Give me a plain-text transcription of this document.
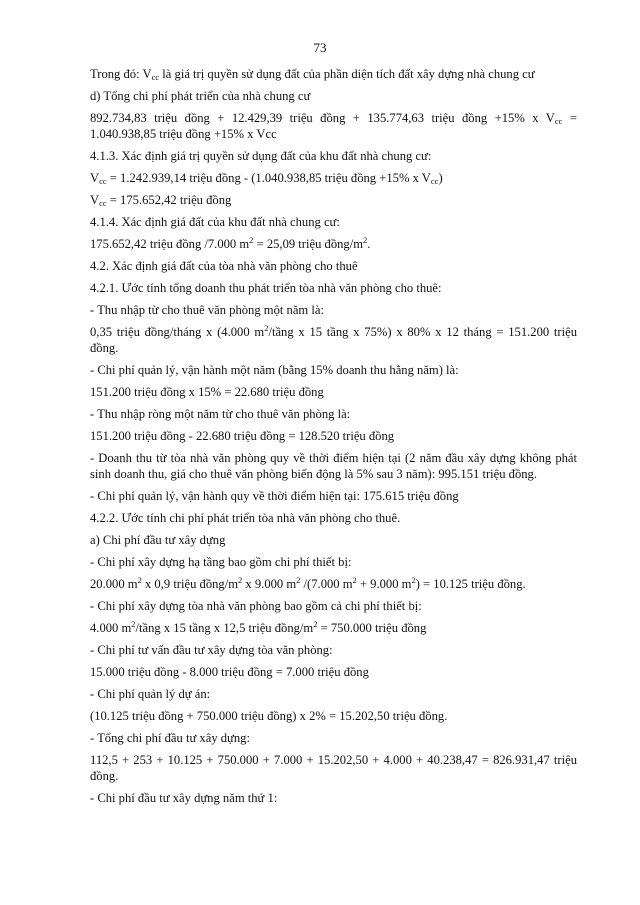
73

Trong đó: $V_{cc}$ là giá trị quyền sử dụng đất của phần diện tích đất xây dựng nhà chung cư

d) Tổng chi phí phát triển của nhà chung cư

892.734,83 triệu đồng + 12.429,39 triệu đồng + 135.774,63 triệu đồng +15% x $V_{cc} = 1.040.938,85$ triệu đồng +15% x Vcc

4.1.3. Xác định giá trị quyền sử dụng đất của khu đất nhà chung cư:

$V_{cc} = 1.242.939,14$ triệu đồng - (1.040.938,85 triệu đồng +15% x $V_{cc}$)

$V_{cc} = 175.652,42$ triệu đồng

4.1.4. Xác định giá đất của khu đất nhà chung cư:

175.652,42 triệu đồng /7.000 $m^2 = 25,09$ triệu đồng/$m^2$.

4.2. Xác định giá đất của tòa nhà văn phòng cho thuê

4.2.1. Ước tính tổng doanh thu phát triển tòa nhà văn phòng cho thuê:

- Thu nhập từ cho thuê văn phòng một năm là:

0,35 triệu đồng/tháng x (4.000 $m^2$/tầng x 15 tầng x 75%) x 80% x 12 tháng = 151.200 triệu đồng.

- Chi phí quản lý, vận hành một năm (bằng 15% doanh thu hằng năm) là:

151.200 triệu đồng x 15% = 22.680 triệu đồng

- Thu nhập ròng một năm từ cho thuê văn phòng là:

151.200 triệu đồng - 22.680 triệu đồng = 128.520 triệu đồng

- Doanh thu từ tòa nhà văn phòng quy về thời điểm hiện tại (2 năm đầu xây dựng không phát sinh doanh thu, giá cho thuê văn phòng biến động là 5% sau 3 năm): 995.151 triệu đồng.

- Chi phí quản lý, vận hành quy về thời điểm hiện tại: 175.615 triệu đồng

4.2.2. Ước tính chi phí phát triển tòa nhà văn phòng cho thuê.

a) Chi phí đầu tư xây dựng

- Chi phí xây dựng hạ tầng bao gồm chi phí thiết bị:

20.000 $m^2$ x 0,9 triệu đồng/$m^2$ x 9.000 $m^2$ /(7.000 $m^2 + 9.000$ $m^2) = 10.125$ triệu đồng.

- Chi phí xây dựng tòa nhà văn phòng bao gồm cả chi phí thiết bị:

4.000 $m^2$/tầng x 15 tầng x 12,5 triệu đồng/$m^2 = 750.000$ triệu đồng

- Chi phí tư vấn đầu tư xây dựng tòa văn phòng:

15.000 triệu đồng - 8.000 triệu đồng = 7.000 triệu đồng

- Chi phí quản lý dự án:

(10.125 triệu đồng + 750.000 triệu đồng) x 2% = 15.202,50 triệu đồng.

- Tổng chi phí đầu tư xây dựng:

112,5 + 253 + 10.125 + 750.000 + 7.000 + 15.202,50 + 4.000 + 40.238,47 = 826.931,47 triệu đồng.

- Chi phí đầu tư xây dựng năm thứ 1:
